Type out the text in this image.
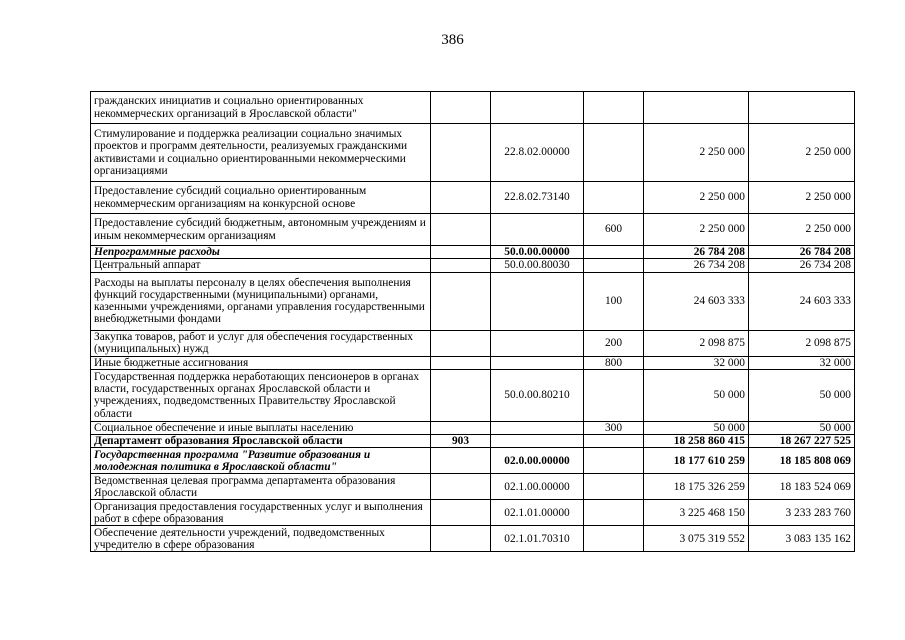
386
гражданских инициатив и социально ориентированных некоммерческих организаций в Ярославской области"					
Стимулирование и поддержка реализации социально значимых проектов и программ деятельности, реализуемых гражданскими активистами и социально ориентированными некоммерческими организациями		22.8.02.00000		2 250 000	2 250 000
Предоставление субсидий социально ориентированным некоммерческим организациям на конкурсной основе		22.8.02.73140		2 250 000	2 250 000
Предоставление субсидий бюджетным, автономным учреждениям и иным некоммерческим организациям			600	2 250 000	2 250 000
Непрограммные расходы		50.0.00.00000		26 784 208	26 784 208
Центральный аппарат		50.0.00.80030		26 734 208	26 734 208
Расходы на выплаты персоналу в целях обеспечения выполнения функций государственными (муниципальными) органами, казенными учреждениями, органами управления государственными внебюджетными фондами			100	24 603 333	24 603 333
Закупка товаров, работ и услуг для обеспечения государственных (муниципальных) нужд			200	2 098 875	2 098 875
Иные бюджетные ассигнования			800	32 000	32 000
Государственная поддержка неработающих пенсионеров в органах власти, государственных органах Ярославской области и учреждениях, подведомственных Правительству Ярославской области		50.0.00.80210		50 000	50 000
Социальное обеспечение и иные выплаты населению			300	50 000	50 000
Департамент образования Ярославской области	903			18 258 860 415	18 267 227 525
Государственная программа "Развитие образования и молодежная политика в Ярославской области"		02.0.00.00000		18 177 610 259	18 185 808 069
Ведомственная целевая программа департамента образования Ярославской области		02.1.00.00000		18 175 326 259	18 183 524 069
Организация предоставления государственных услуг и выполнения работ в сфере образования		02.1.01.00000		3 225 468 150	3 233 283 760
Обеспечение деятельности учреждений, подведомственных учредителю в сфере образования		02.1.01.70310		3 075 319 552	3 083 135 162
